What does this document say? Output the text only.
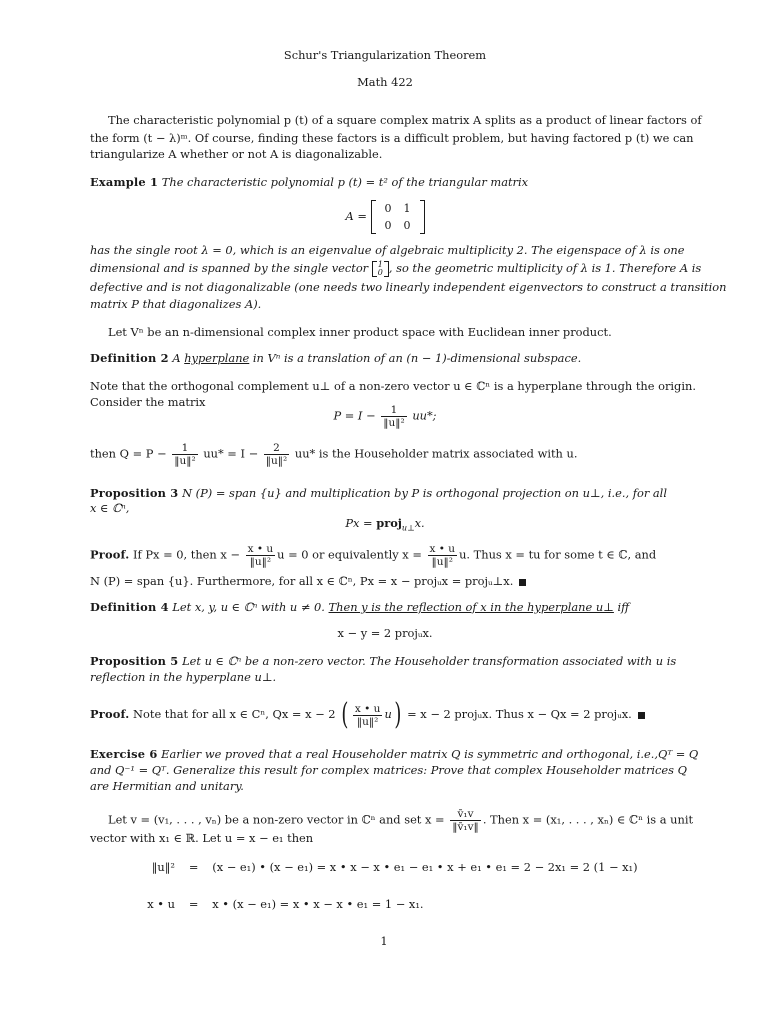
Schur's Triangularization Theorem
Math 422
The characteristic polynomial p (t) of a square complex matrix A splits as a product of linear factors of
the form (t − λ)ᵐ. Of course, finding these factors is a difficult problem, but having factored p (t) we can
triangularize A whether or not A is diagonalizable.
Example 1 The characteristic polynomial p (t) = t² of the triangular matrix
A =
0	1
0	0
has the single root λ = 0, which is an eigenvalue of algebraic multiplicity 2. The eigenspace of λ is one
dimensional and is spanned by the single vector 1
0 , so the geometric multiplicity of λ is 1. Therefore A is
defective and is not diagonalizable (one needs two linearly independent eigenvectors to construct a transition
matrix P that diagonalizes A).
Let Vⁿ be an n-dimensional complex inner product space with Euclidean inner product.
Definition 2 A hyperplane in Vⁿ is a translation of an (n − 1)-dimensional subspace.
Note that the orthogonal complement u⊥ of a non-zero vector u ∈ ℂⁿ is a hyperplane through the origin.
Consider the matrix
$P = I - \frac{1}{\text{‖u‖²}} uu*$;
then $Q = P - \frac{1}{\text{‖u‖²}} uu* = I - \frac{2}{\text{‖u‖²}} uu*$ is the Householder matrix associated with u.
Proposition 3 N (P) = span {u} and multiplication by P is orthogonal projection on u⊥, i.e., for all
x ∈ ℂⁿ,
Px = proj$_{u\perp}$x.
Proof. If Px = 0, then $x - \frac{x • u}{\text{‖u‖²}}$ u = 0 or equivalently $x = \frac{x • u}{\text{‖u‖²}} u$. Thus x = tu for some t ∈ ℂ, and
N (P) = span {u}. Furthermore, for all x ∈ ℂⁿ, Px = x − projᵤx = projᵤ⊥x.
Definition 4 Let x, y, u ∈ ℂⁿ with u ≠ 0. Then y is the reflection of x in the hyperplane u⊥ iff
x − y = 2 projᵤx.
Proposition 5 Let u ∈ ℂⁿ be a non-zero vector. The Householder transformation associated with u is
reflection in the hyperplane u⊥.
Proof. Note that for all x ∈ Cⁿ, Qx = x − 2 ( $\frac{x • u}{\text{‖u‖²}} u) = x - 2$ projᵤx. Thus x − Qx = 2 projᵤx.
Exercise 6 Earlier we proved that a real Householder matrix Q is symmetric and orthogonal, i.e.,Qᵀ = Q
and Q⁻¹ = Qᵀ. Generalize this result for complex matrices: Prove that complex Householder matrices Q
are Hermitian and unitary.
Let v = (v₁, . . . , vₙ) be a non-zero vector in ℂⁿ and set $x = \frac{\text{v̄₁v}}{\text{‖v̄₁v‖}}$ . Then x = (x₁, . . . , xₙ) ∈ ℂⁿ is a unit
vector with x₁ ∈ ℝ. Let u = x − e₁ then
‖u‖² = (x − e₁) • (x − e₁) = x • x − x • e₁ − e₁ • x + e₁ • e₁ = 2 − 2x₁ = 2 (1 − x₁)
x • u = x • (x − e₁) = x • x − x • e₁ = 1 − x₁.
1
